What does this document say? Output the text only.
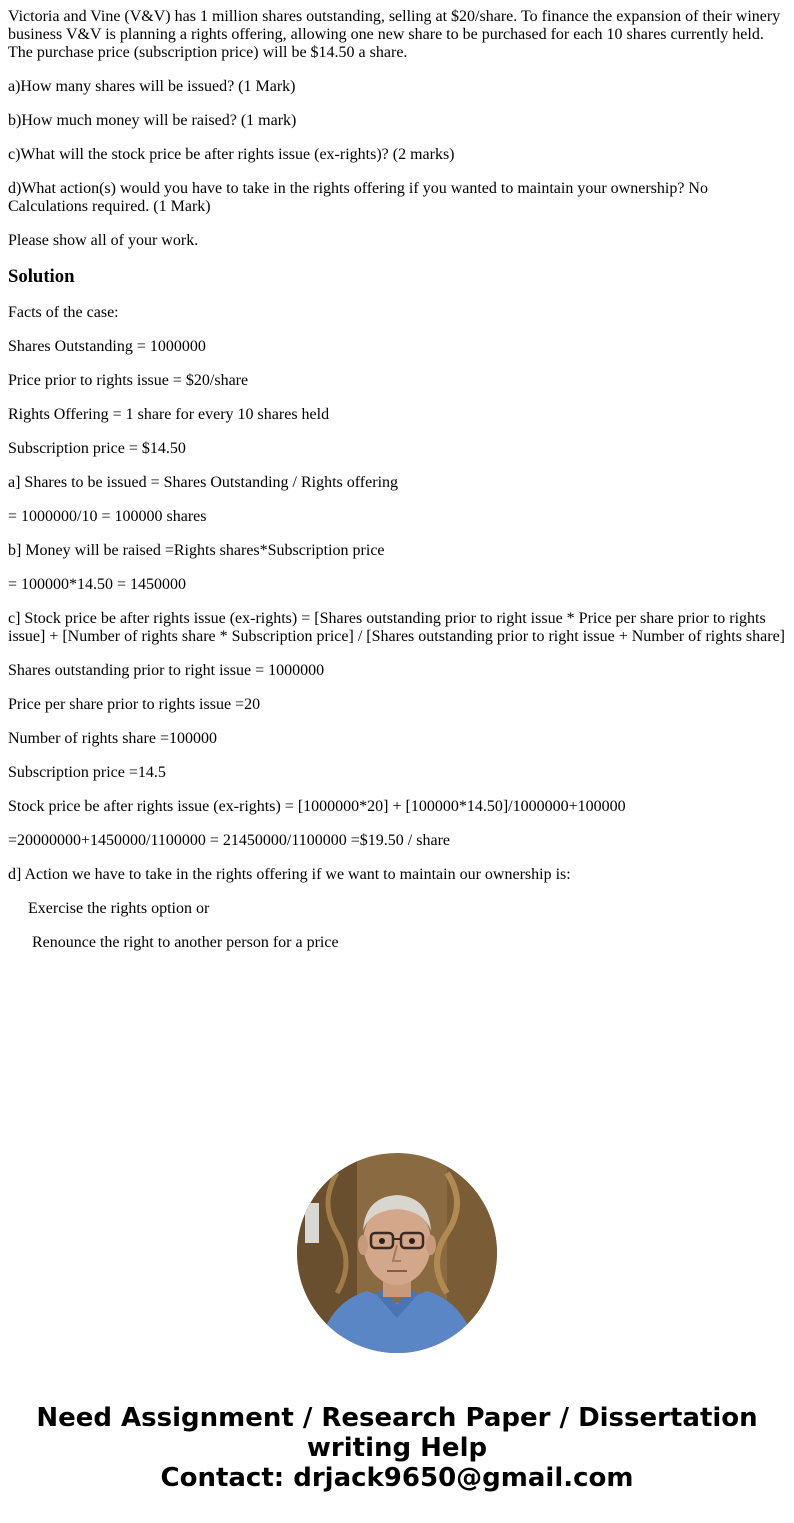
Victoria and Vine (V&V) has 1 million shares outstanding, selling at $20/share. To finance the expansion of their winery business V&V is planning a rights offering, allowing one new share to be purchased for each 10 shares currently held. The purchase price (subscription price) will be $14.50 a share.

a)How many shares will be issued? (1 Mark)

b)How much money will be raised? (1 mark)

c)What will the stock price be after rights issue (ex-rights)? (2 marks)

d)What action(s) would you have to take in the rights offering if you wanted to maintain your ownership? No Calculations required. (1 Mark)

Please show all of your work.

Solution

Facts of the case:

Shares Outstanding = 1000000

Price prior to rights issue = $20/share

Rights Offering = 1 share for every 10 shares held

Subscription price = $14.50

a] Shares to be issued = Shares Outstanding / Rights offering

= 1000000/10 = 100000 shares

b] Money will be raised =Rights shares*Subscription price

= 100000*14.50 = 1450000

c] Stock price be after rights issue (ex-rights) = [Shares outstanding prior to right issue * Price per share prior to rights issue] + [Number of rights share * Subscription price] / [Shares outstanding prior to right issue + Number of rights share]

Shares outstanding prior to right issue = 1000000

Price per share prior to rights issue =20

Number of rights share =100000

Subscription price =14.5

Stock price be after rights issue (ex-rights) = [1000000*20] + [100000*14.50]/1000000+100000

=20000000+1450000/1100000 = 21450000/1100000 =$19.50 / share

d] Action we have to take in the rights offering if we want to maintain our ownership is:

Exercise the rights option or

Renounce the right to another person for a price

Need Assignment / Research Paper / Dissertation
writing Help
Contact: drjack9650@gmail.com
